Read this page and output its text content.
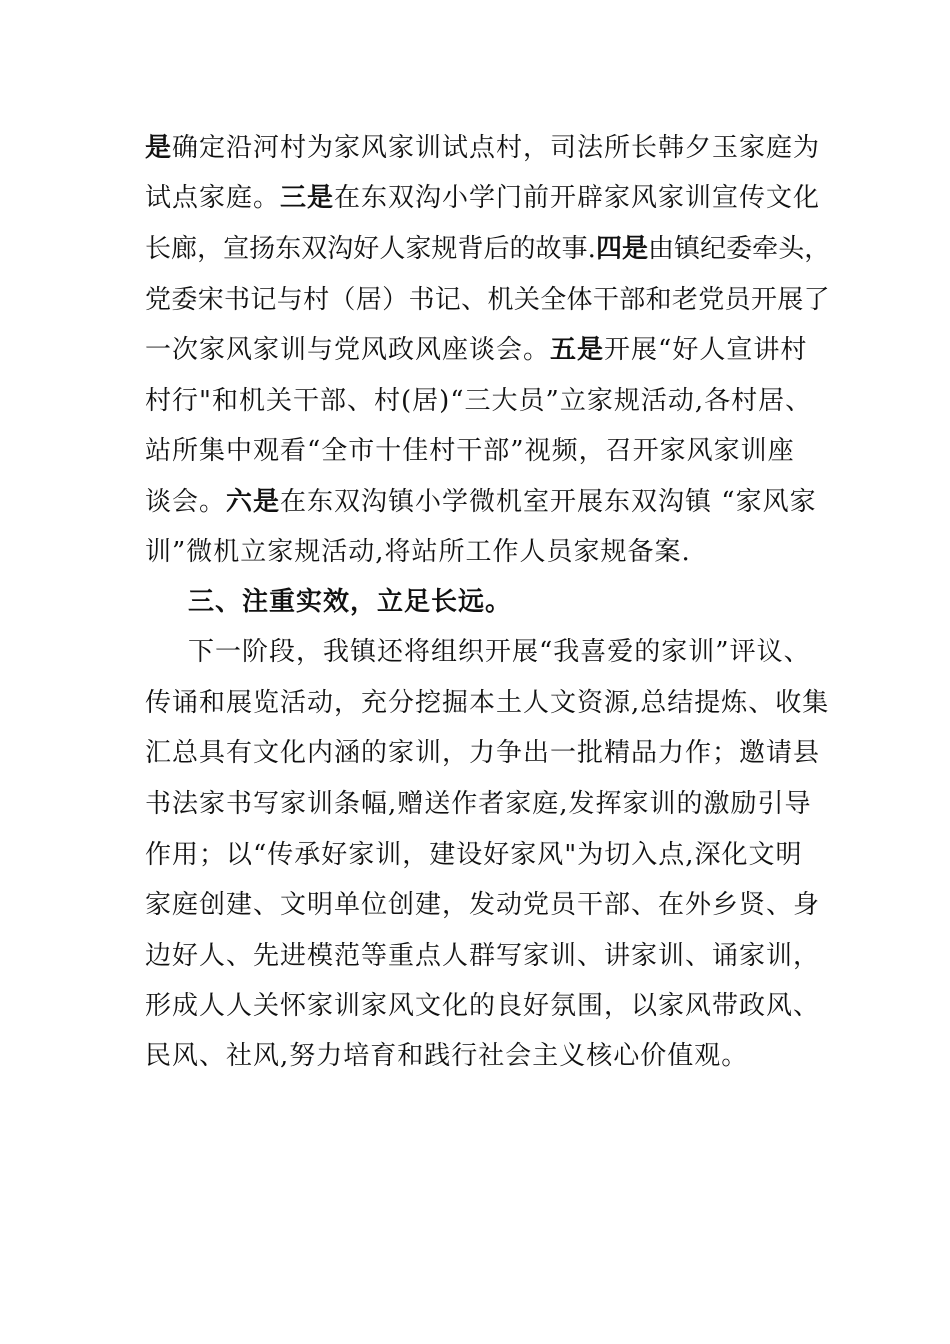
是确定沿河村为家风家训试点村，司法所长韩夕玉家庭为
试点家庭。三是在东双沟小学门前开辟家风家训宣传文化
长廊，宣扬东双沟好人家规背后的故事.四是由镇纪委牵头，
党委宋书记与村（居）书记、机关全体干部和老党员开展了
一次家风家训与党风政风座谈会。五是开展“好人宣讲村
村行"和机关干部、村(居)“三大员”立家规活动,各村居、
站所集中观看“全市十佳村干部”视频，召开家风家训座
谈会。六是在东双沟镇小学微机室开展东双沟镇 “家风家
训”微机立家规活动,将站所工作人员家规备案.
三、注重实效，立足长远。
下一阶段，我镇还将组织开展“我喜爱的家训”评议、
传诵和展览活动，充分挖掘本土人文资源,总结提炼、收集
汇总具有文化内涵的家训，力争出一批精品力作；邀请县
书法家书写家训条幅,赠送作者家庭,发挥家训的激励引导
作用；以“传承好家训，建设好家风"为切入点,深化文明
家庭创建、文明单位创建，发动党员干部、在外乡贤、身
边好人、先进模范等重点人群写家训、讲家训、诵家训，
形成人人关怀家训家风文化的良好氛围，以家风带政风、
民风、社风,努力培育和践行社会主义核心价值观。
